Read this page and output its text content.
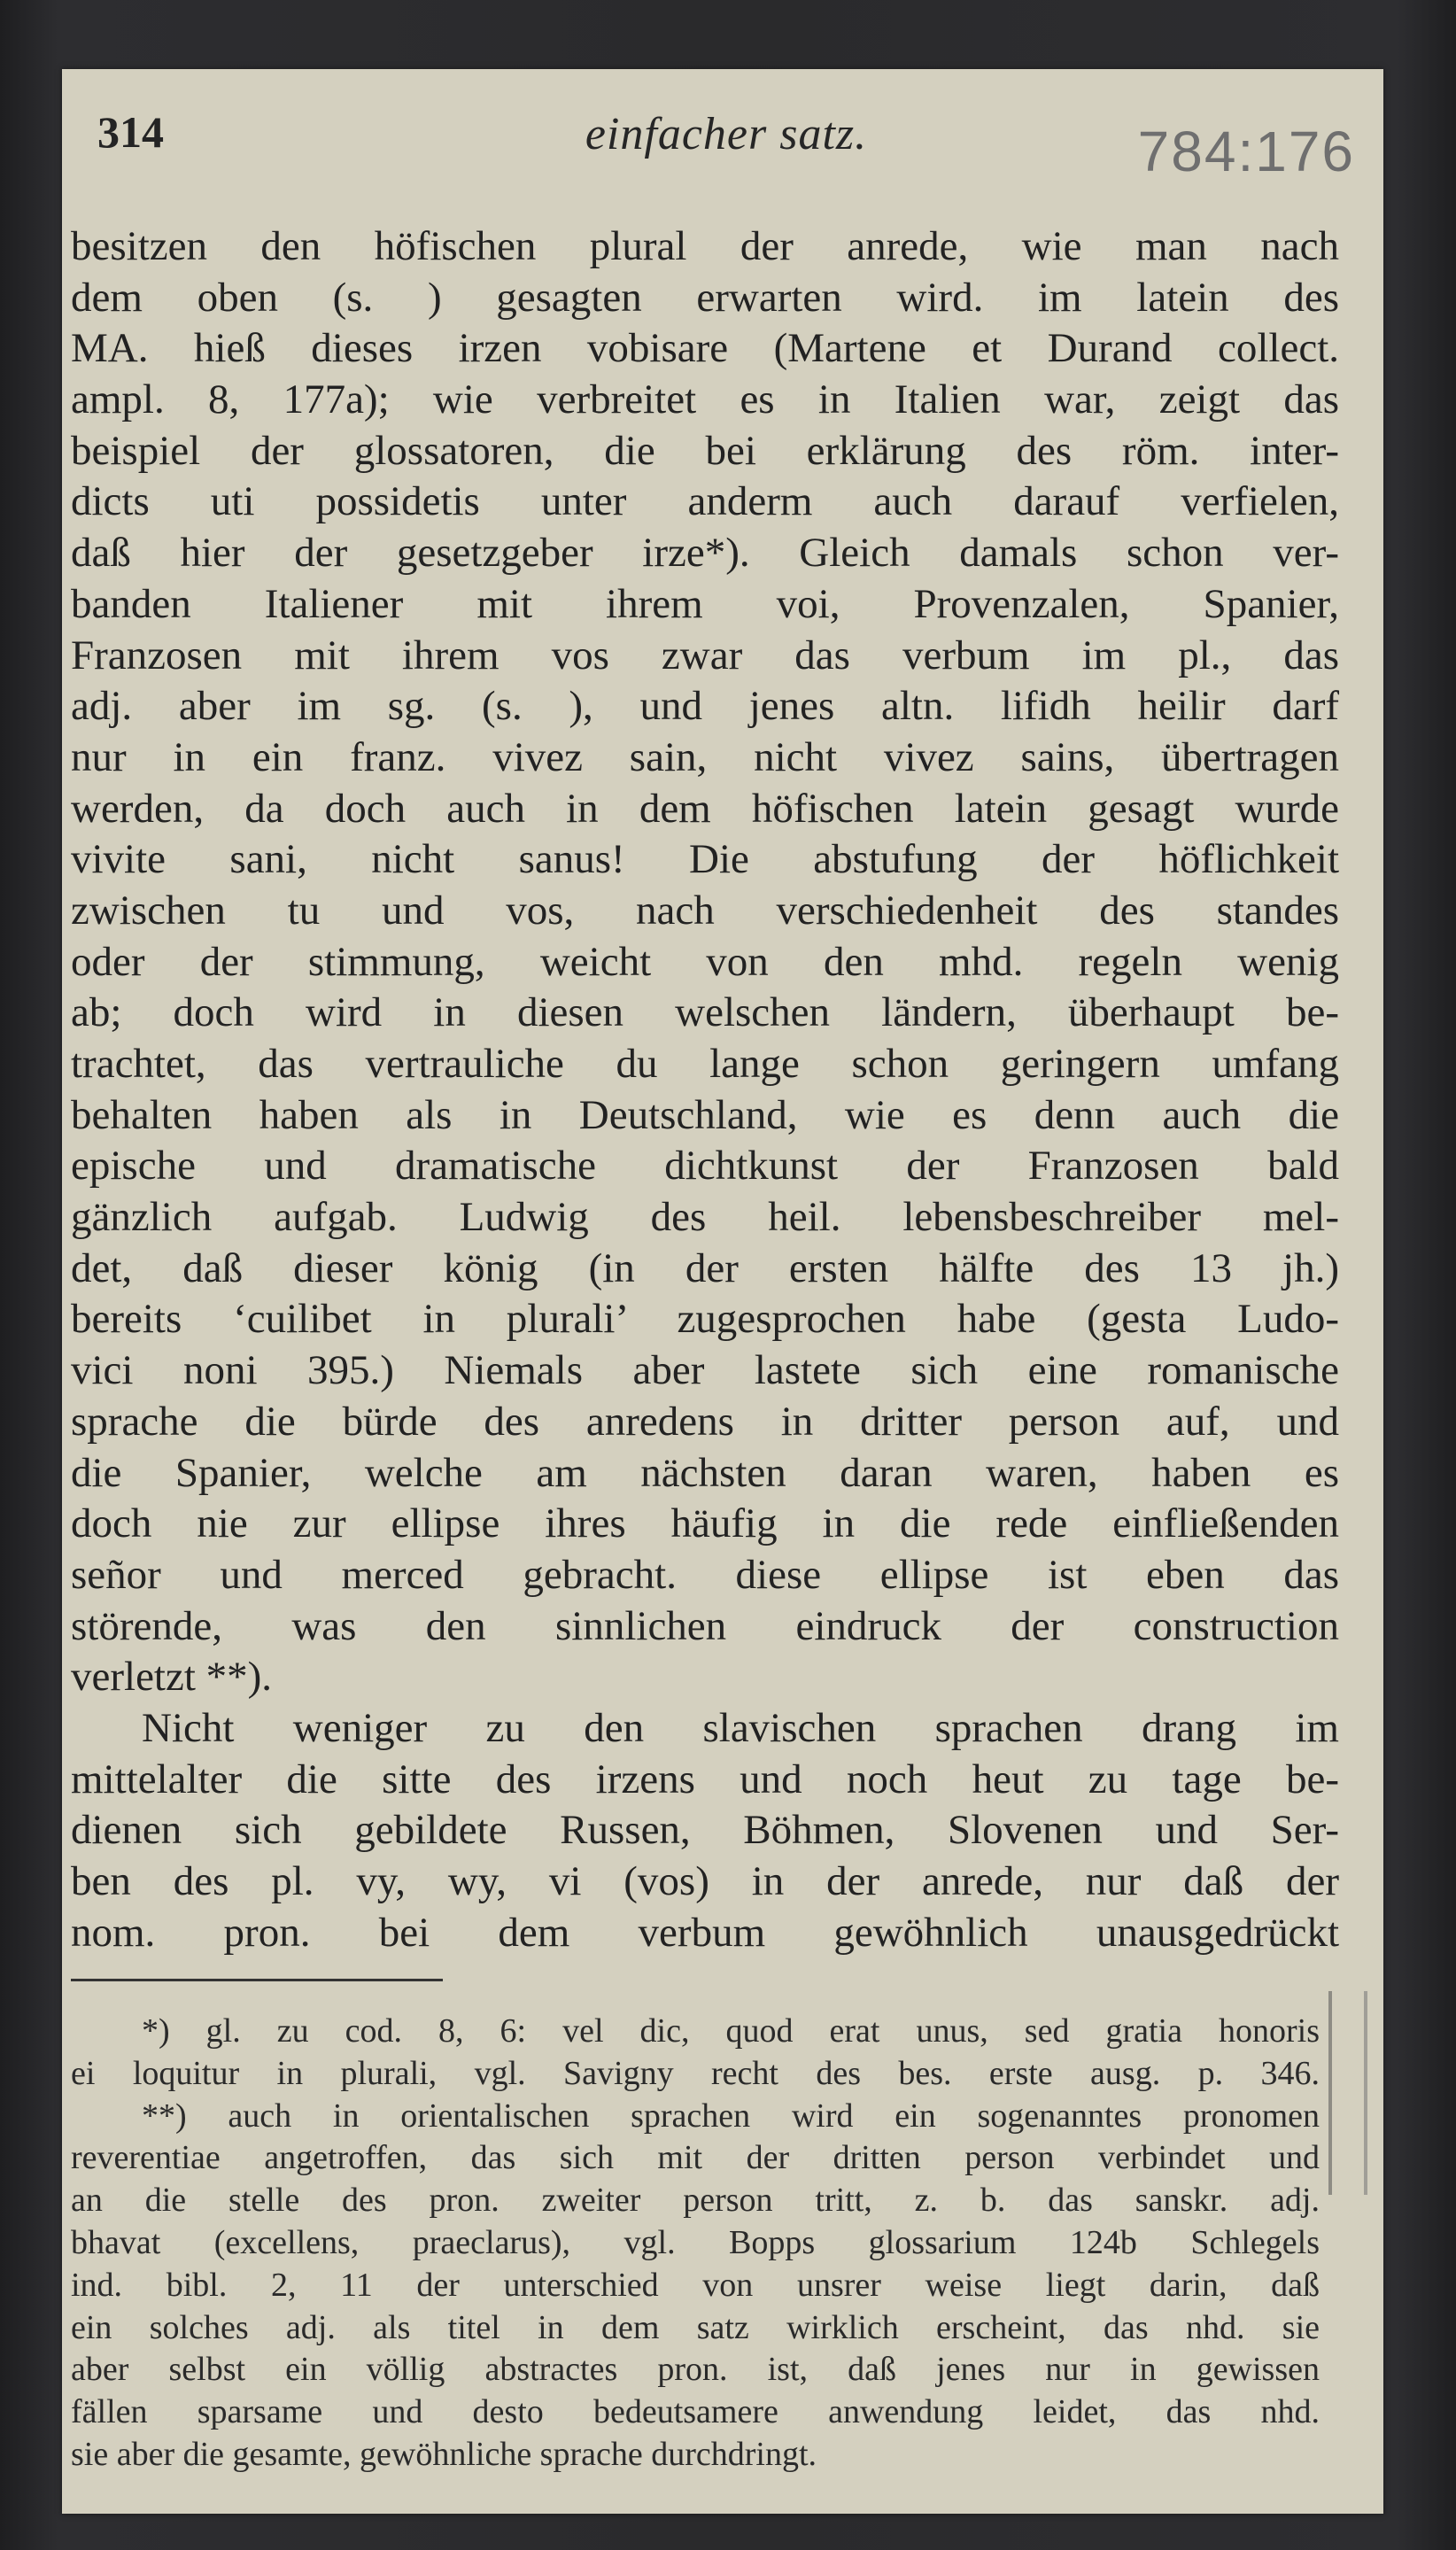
314	einfacher satz.	784:176
besitzen den höfischen plural der anrede, wie man nach
dem oben (s. ) gesagten erwarten wird. im latein des
MA. hieß dieses irzen vobisare (Martene et Durand collect.
ampl. 8, 177a); wie verbreitet es in Italien war, zeigt das
beispiel der glossatoren, die bei erklärung des röm. inter-
dicts uti possidetis unter anderm auch darauf verfielen,
daß hier der gesetzgeber irze*). Gleich damals schon ver-
banden Italiener mit ihrem voi, Provenzalen, Spanier,
Franzosen mit ihrem vos zwar das verbum im pl., das
adj. aber im sg. (s. ), und jenes altn. lifidh heilir darf
nur in ein franz. vivez sain, nicht vivez sains, übertragen
werden, da doch auch in dem höfischen latein gesagt wurde
vivite sani, nicht sanus! Die abstufung der höflichkeit
zwischen tu und vos, nach verschiedenheit des standes
oder der stimmung, weicht von den mhd. regeln wenig
ab; doch wird in diesen welschen ländern, überhaupt be-
trachtet, das vertrauliche du lange schon geringern umfang
behalten haben als in Deutschland, wie es denn auch die
epische und dramatische dichtkunst der Franzosen bald
gänzlich aufgab. Ludwig des heil. lebensbeschreiber mel-
det, daß dieser könig (in der ersten hälfte des 13 jh.)
bereits ‘cuilibet in plurali’ zugesprochen habe (gesta Ludo-
vici noni 395.) Niemals aber lastete sich eine romanische
sprache die bürde des anredens in dritter person auf, und
die Spanier, welche am nächsten daran waren, haben es
doch nie zur ellipse ihres häufig in die rede einfließenden
señor und merced gebracht. diese ellipse ist eben das
störende, was den sinnlichen eindruck der construction
verletzt **).
Nicht weniger zu den slavischen sprachen drang im
mittelalter die sitte des irzens und noch heut zu tage be-
dienen sich gebildete Russen, Böhmen, Slovenen und Ser-
ben des pl. vy, wy, vi (vos) in der anrede, nur daß der
nom. pron. bei dem verbum gewöhnlich unausgedrückt
*) gl. zu cod. 8, 6: vel dic, quod erat unus, sed gratia honoris
ei loquitur in plurali, vgl. Savigny recht des bes. erste ausg. p. 346.
**) auch in orientalischen sprachen wird ein sogenanntes pronomen
reverentiae angetroffen, das sich mit der dritten person verbindet und
an die stelle des pron. zweiter person tritt, z. b. das sanskr. adj.
bhavat (excellens, praeclarus), vgl. Bopps glossarium 124b Schlegels
ind. bibl. 2, 11 der unterschied von unsrer weise liegt darin, daß
ein solches adj. als titel in dem satz wirklich erscheint, das nhd. sie
aber selbst ein völlig abstractes pron. ist, daß jenes nur in gewissen
fällen sparsame und desto bedeutsamere anwendung leidet, das nhd.
sie aber die gesamte, gewöhnliche sprache durchdringt.
